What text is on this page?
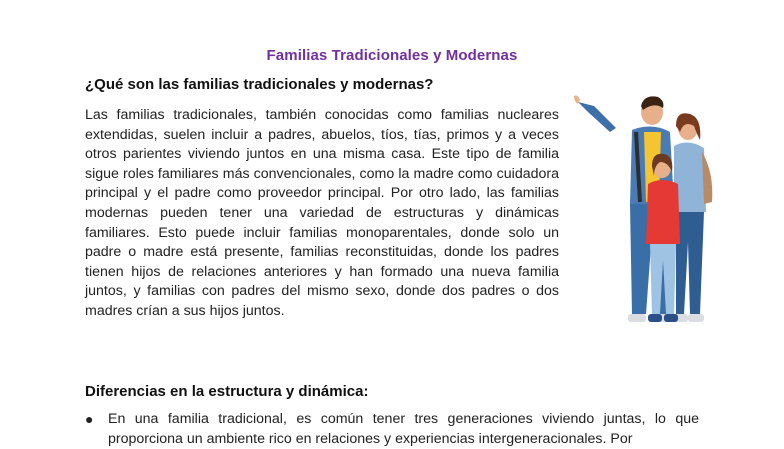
Familias Tradicionales y Modernas
¿Qué son las familias tradicionales y modernas?

Las familias tradicionales, también conocidas como familias nucleares extendidas, suelen incluir a padres, abuelos, tíos, tías, primos y a veces otros parientes viviendo juntos en una misma casa. Este tipo de familia sigue roles familiares más convencionales, como la madre como cuidadora principal y el padre como proveedor principal. Por otro lado, las familias modernas pueden tener una variedad de estructuras y dinámicas familiares. Esto puede incluir familias monoparentales, donde solo un padre o madre está presente, familias reconstituidas, donde los padres tienen hijos de relaciones anteriores y han formado una nueva familia juntos, y familias con padres del mismo sexo, donde dos padres o dos madres crían a sus hijos juntos.

Diferencias en la estructura y dinámica:
● En una familia tradicional, es común tener tres generaciones viviendo juntas, lo que proporciona un ambiente rico en relaciones y experiencias intergeneracionales. Por
